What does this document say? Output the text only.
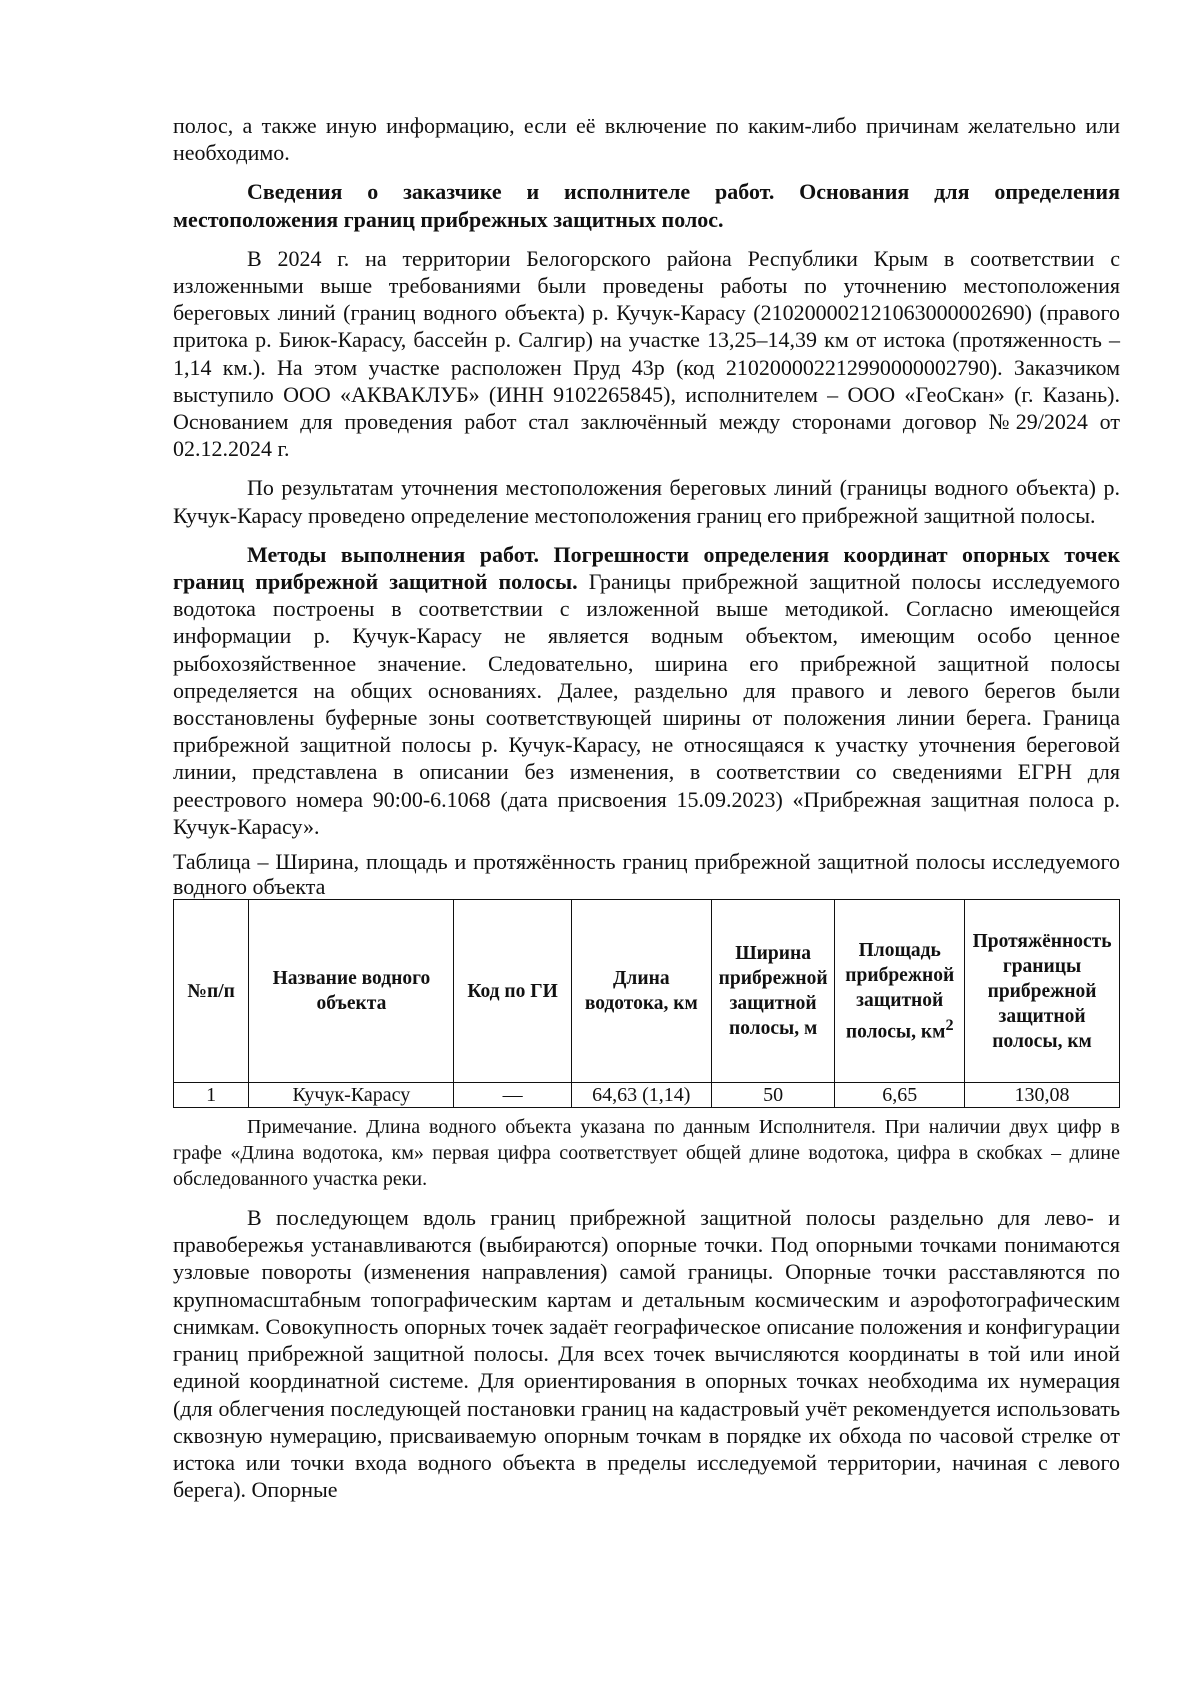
полос, а также иную информацию, если её включение по каким-либо причинам желательно или необходимо.

Сведения о заказчике и исполнителе работ. Основания для определения местоположения границ прибрежных защитных полос.

В 2024 г. на территории Белогорского района Республики Крым в соответствии с изложенными выше требованиями были проведены работы по уточнению местоположения береговых линий (границ водного объекта) р. Кучук-Карасу (210200002121063000002690) (правого притока р. Биюк-Карасу, бассейн р. Салгир) на участке 13,25–14,39 км от истока (протяженность – 1,14 км.). На этом участке расположен Пруд 43р (код 210200002212990000002790). Заказчиком выступило ООО «АКВАКЛУБ» (ИНН 9102265845), исполнителем – ООО «ГеоСкан» (г. Казань). Основанием для проведения работ стал заключённый между сторонами договор №29/2024 от 02.12.2024 г.

По результатам уточнения местоположения береговых линий (границы водного объекта) р. Кучук-Карасу проведено определение местоположения границ его прибрежной защитной полосы.

Методы выполнения работ. Погрешности определения координат опорных точек границ прибрежной защитной полосы. Границы прибрежной защитной полосы исследуемого водотока построены в соответствии с изложенной выше методикой. Согласно имеющейся информации р. Кучук-Карасу не является водным объектом, имеющим особо ценное рыбохозяйственное значение. Следовательно, ширина его прибрежной защитной полосы определяется на общих основаниях. Далее, раздельно для правого и левого берегов были восстановлены буферные зоны соответствующей ширины от положения линии берега. Граница прибрежной защитной полосы р. Кучук-Карасу, не относящаяся к участку уточнения береговой линии, представлена в описании без изменения, в соответствии со сведениями ЕГРН для реестрового номера 90:00-6.1068 (дата присвоения 15.09.2023) «Прибрежная защитная полоса р. Кучук-Карасу».

Таблица – Ширина, площадь и протяжённость границ прибрежной защитной полосы исследуемого водного объекта

№п/п	Название водного объекта	Код по ГИ	Длина водотока, км	Ширина прибрежной защитной полосы, м	Площадь прибрежной защитной полосы, $км^2$	Протяжённость границы прибрежной защитной полосы, км
1	Кучук-Карасу	—	64,63 (1,14)	50	6,65	130,08

Примечание. Длина водного объекта указана по данным Исполнителя. При наличии двух цифр в графе «Длина водотока, км» первая цифра соответствует общей длине водотока, цифра в скобках – длине обследованного участка реки.

В последующем вдоль границ прибрежной защитной полосы раздельно для лево- и правобережья устанавливаются (выбираются) опорные точки. Под опорными точками понимаются узловые повороты (изменения направления) самой границы. Опорные точки расставляются по крупномасштабным топографическим картам и детальным космическим и аэрофотографическим снимкам. Совокупность опорных точек задаёт географическое описание положения и конфигурации границ прибрежной защитной полосы. Для всех точек вычисляются координаты в той или иной единой координатной системе. Для ориентирования в опорных точках необходима их нумерация (для облегчения последующей постановки границ на кадастровый учёт рекомендуется использовать сквозную нумерацию, присваиваемую опорным точкам в порядке их обхода по часовой стрелке от истока или точки входа водного объекта в пределы исследуемой территории, начиная с левого берега). Опорные
